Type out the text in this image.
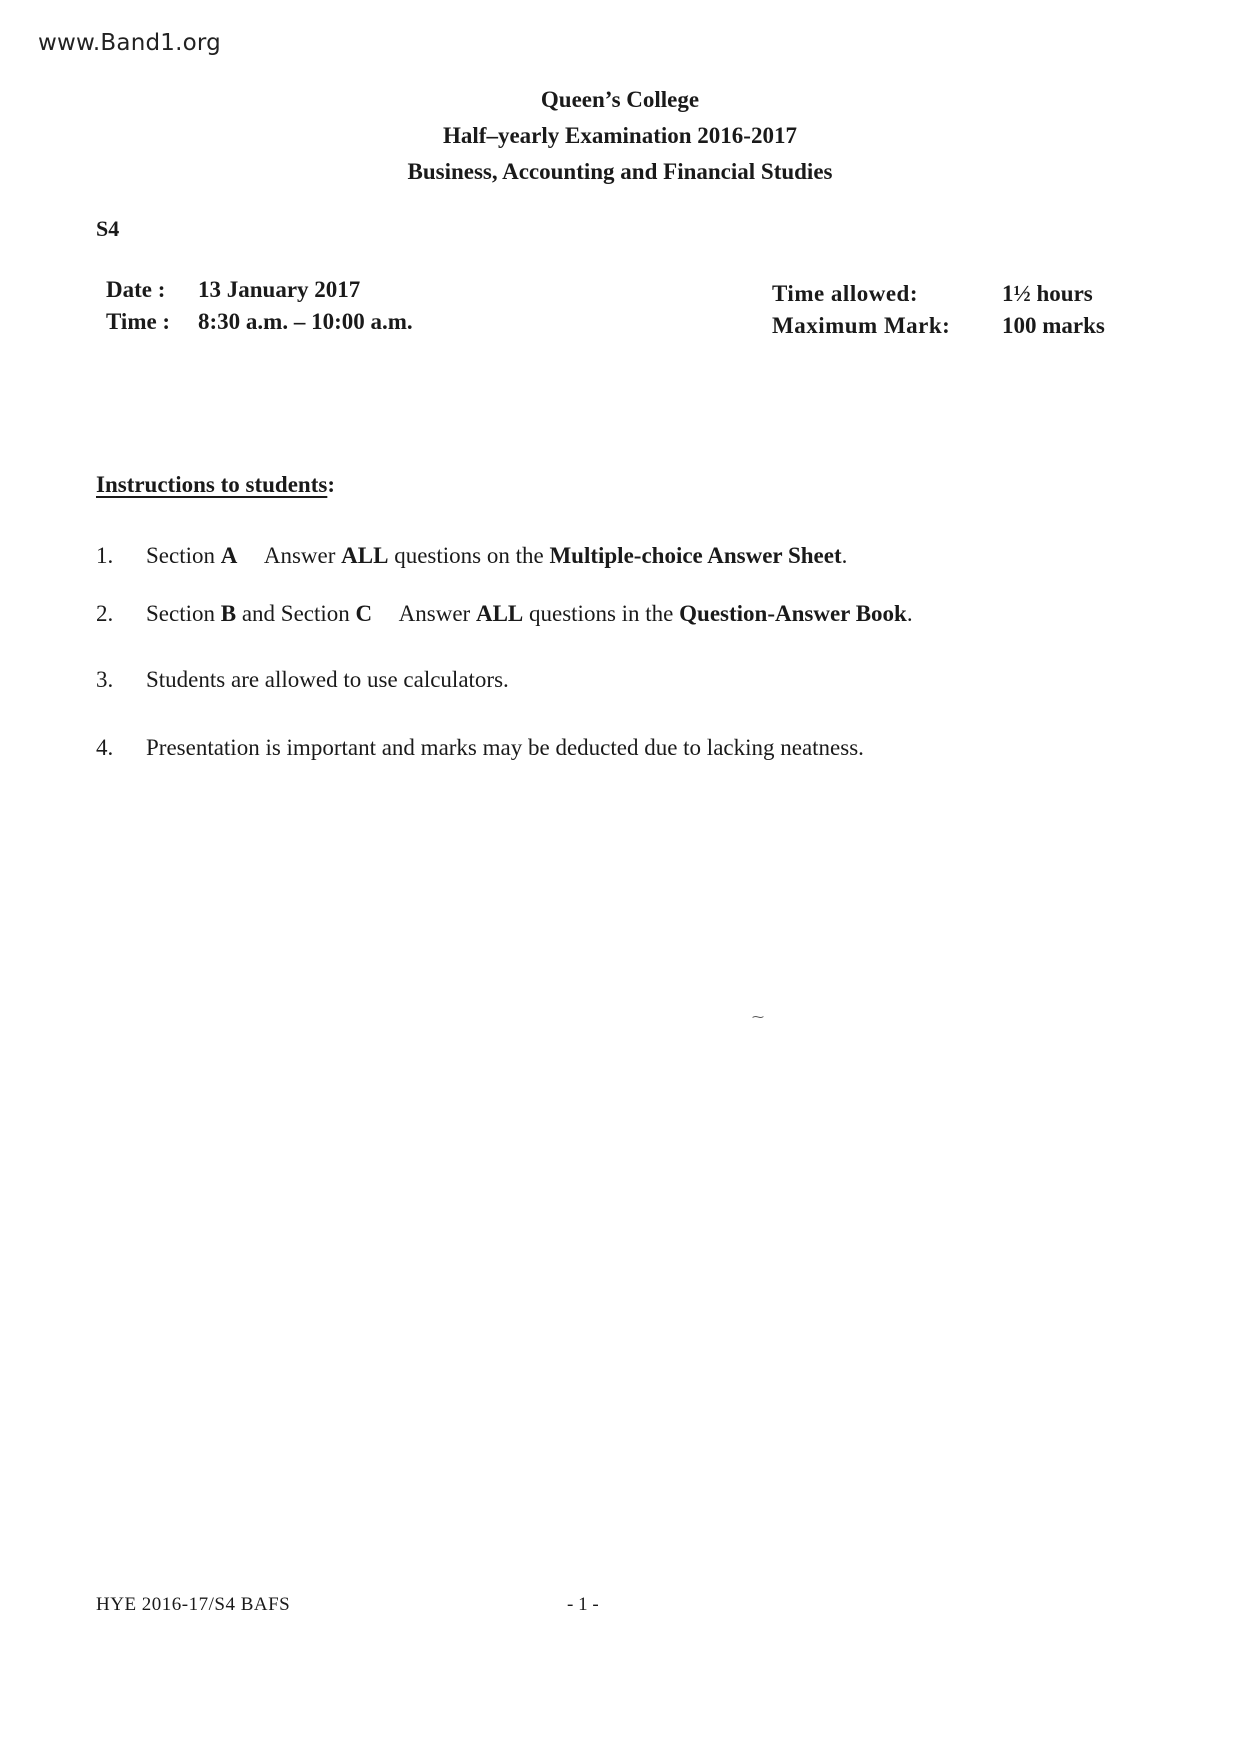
www.Band1.org
Queen’s College
Half–yearly Examination 2016-2017
Business, Accounting and Financial Studies
S4
Date :	13 January 2017
Time :	8:30 a.m. – 10:00 a.m.
Time allowed:	1½ hours
Maximum Mark:	100 marks
Instructions to students:
1. Section A Answer ALL questions on the Multiple-choice Answer Sheet.
2. Section B and Section C Answer ALL questions in the Question-Answer Book.
3. Students are allowed to use calculators.
4. Presentation is important and marks may be deducted due to lacking neatness.
⁓
HYE 2016-17/S4 BAFS	- 1 -
